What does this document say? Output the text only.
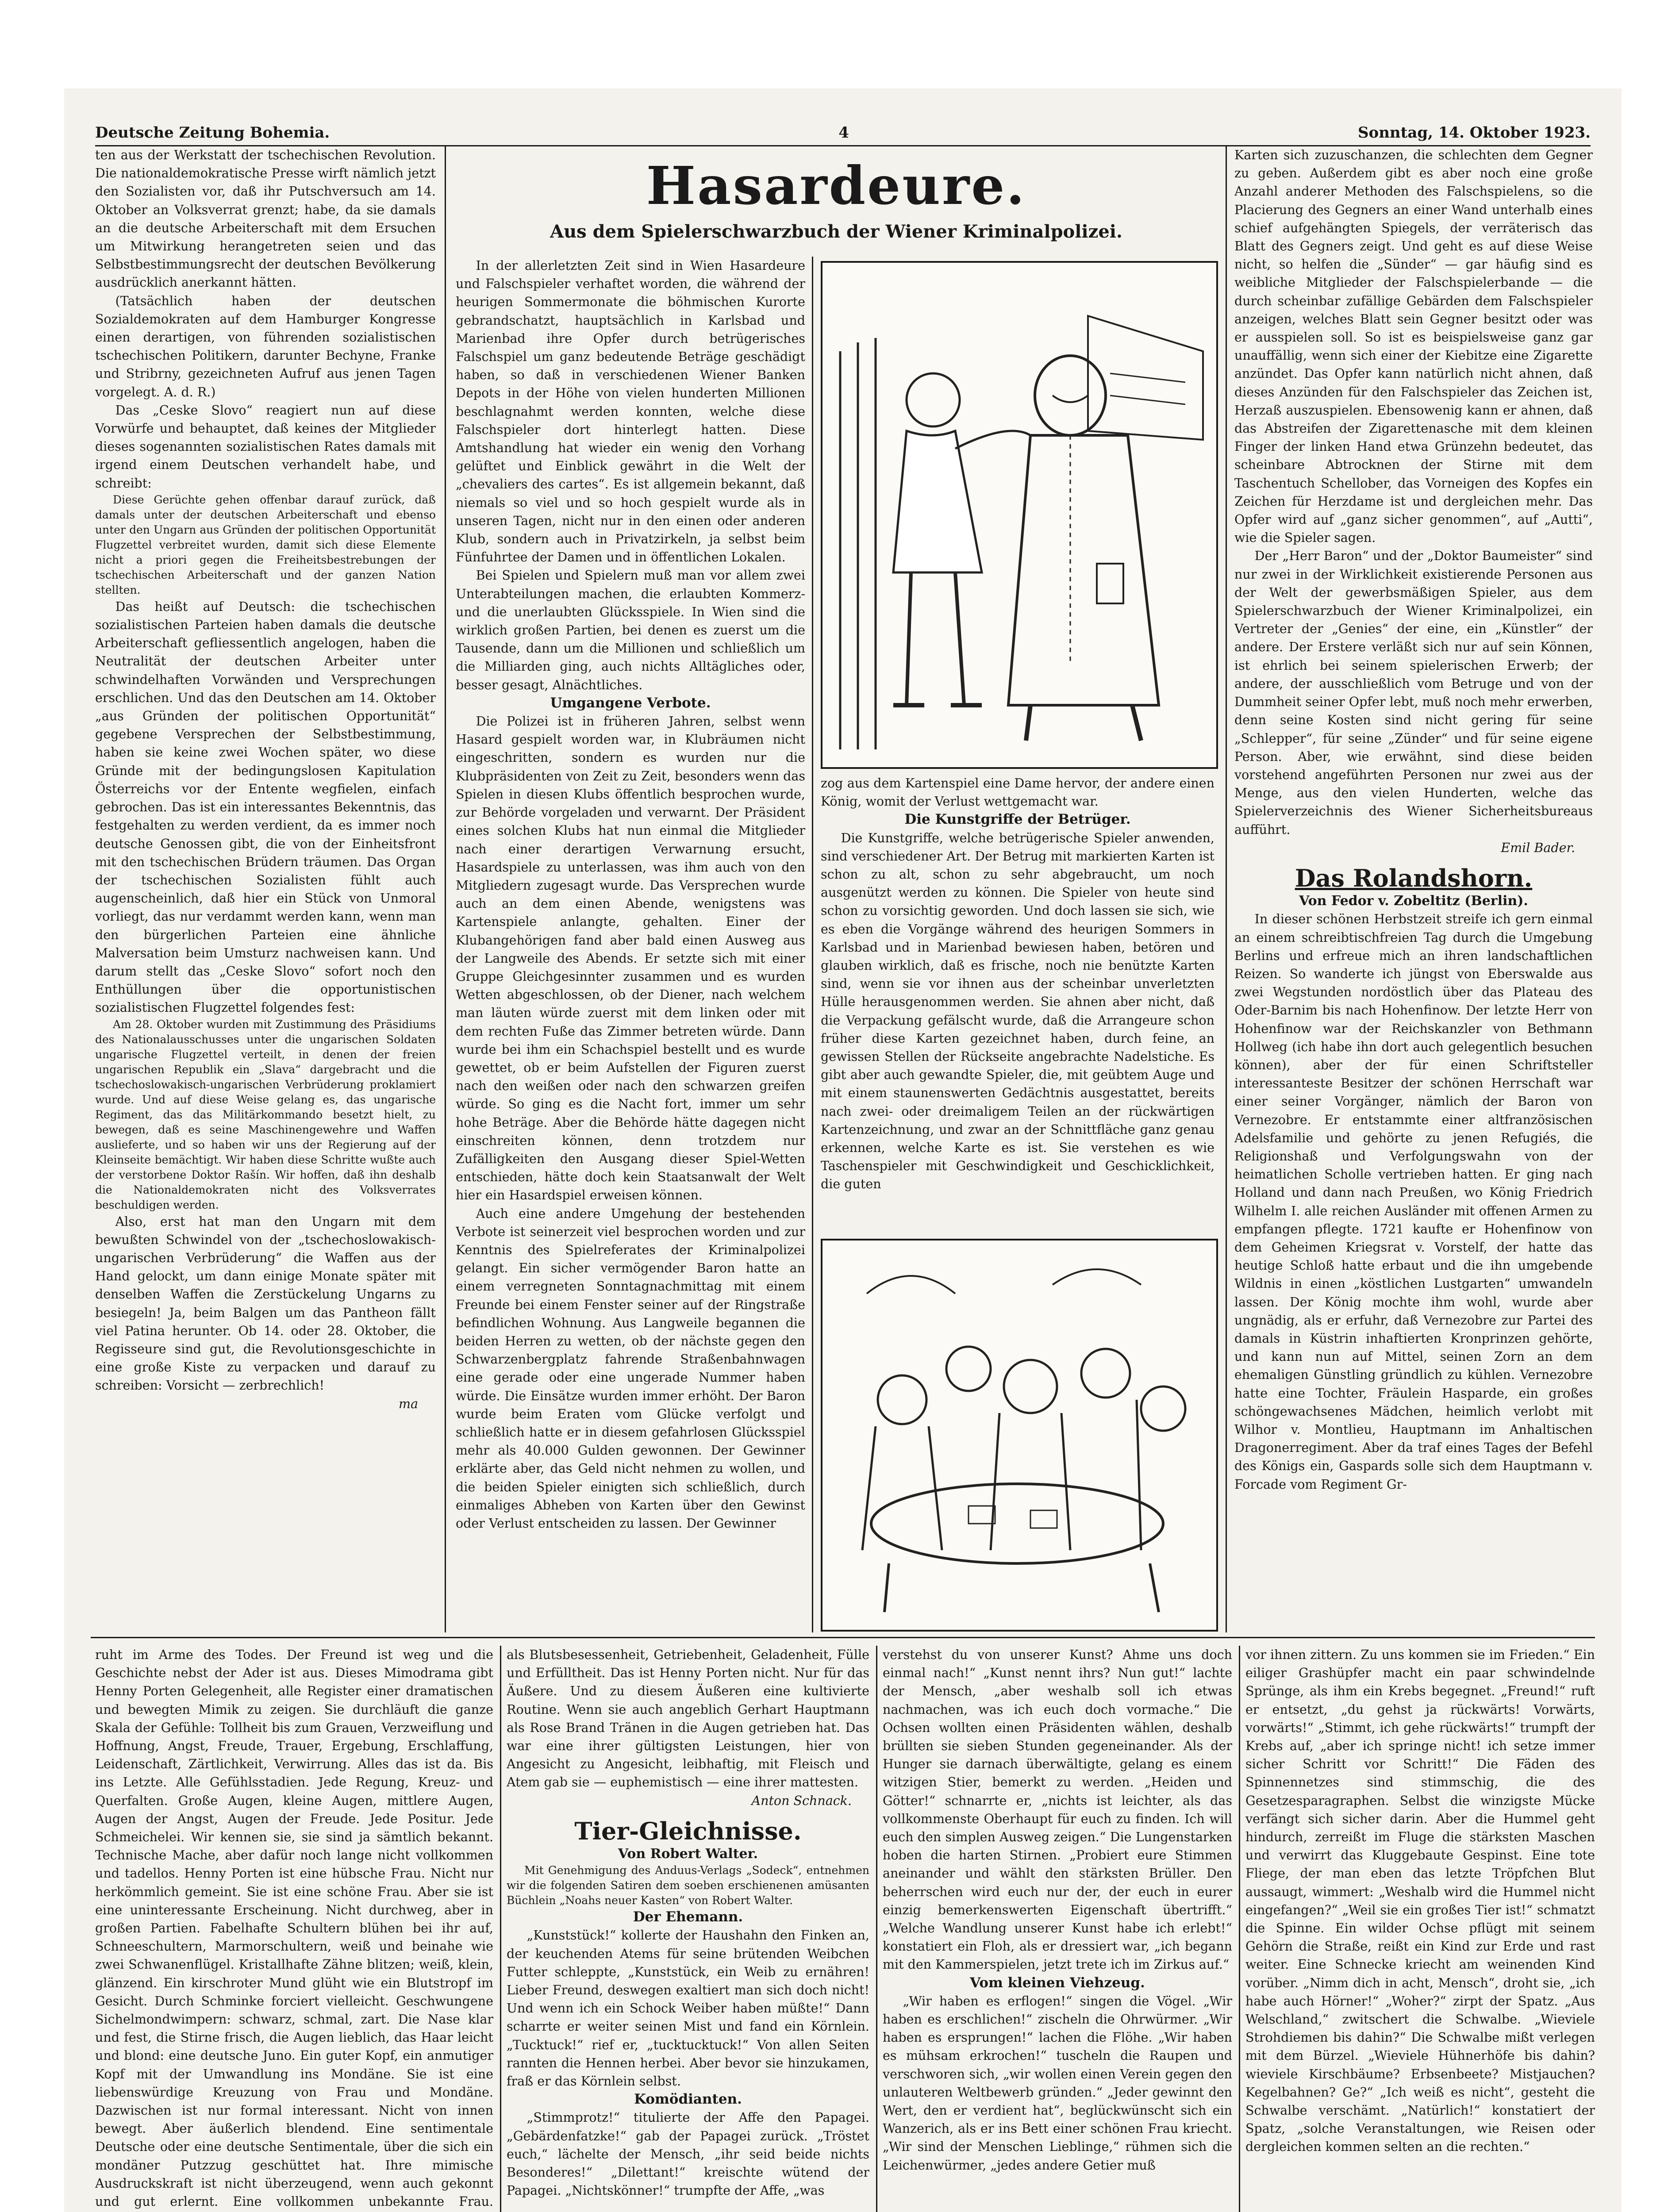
Deutsche Zeitung Bohemia.	4	Sonntag, 14. Oktober 1923.

ten aus der Werkstatt der tschechischen Revolution. Die nationaldemokratische Presse wirft nämlich jetzt den Sozialisten vor, daß ihr Putschversuch am 14. Oktober an Volksverrat grenzt; habe, da sie damals an die deutsche Arbeiterschaft mit dem Ersuchen um Mitwirkung herangetreten seien und das Selbstbestimmungsrecht der deutschen Bevölkerung ausdrücklich anerkannt hätten.

(Tatsächlich haben der deutschen Sozialdemokraten auf dem Hamburger Kongresse einen derartigen, von führenden sozialistischen tschechischen Politikern, darunter Bechyne, Franke und Stribrny, gezeichneten Aufruf aus jenen Tagen vorgelegt. A. d. R.)

Das „Ceske Slovo“ reagiert nun auf diese Vorwürfe und behauptet, daß keines der Mitglieder dieses sogenannten sozialistischen Rates damals mit irgend einem Deutschen verhandelt habe, und schreibt:

Diese Gerüchte gehen offenbar darauf zurück, daß damals unter der deutschen Arbeiterschaft und ebenso unter den Ungarn aus Gründen der politischen Opportunität Flugzettel verbreitet wurden, damit sich diese Elemente nicht a priori gegen die Freiheitsbestrebungen der tschechischen Arbeiterschaft und der ganzen Nation stellten.

Das heißt auf Deutsch: die tschechischen sozialistischen Parteien haben damals die deutsche Arbeiterschaft gefliessentlich angelogen, haben die Neutralität der deutschen Arbeiter unter schwindelhaften Vorwänden und Versprechungen erschlichen. Und das den Deutschen am 14. Oktober „aus Gründen der politischen Opportunität“ gegebene Versprechen der Selbstbestimmung, haben sie keine zwei Wochen später, wo diese Gründe mit der bedingungslosen Kapitulation Österreichs vor der Entente wegfielen, einfach gebrochen. Das ist ein interessantes Bekenntnis, das festgehalten zu werden verdient, da es immer noch deutsche Genossen gibt, die von der Einheitsfront mit den tschechischen Brüdern träumen. Das Organ der tschechischen Sozialisten fühlt auch augenscheinlich, daß hier ein Stück von Unmoral vorliegt, das nur verdammt werden kann, wenn man den bürgerlichen Parteien eine ähnliche Malversation beim Umsturz nachweisen kann. Und darum stellt das „Ceske Slovo“ sofort noch den Enthüllungen über die opportunistischen sozialistischen Flugzettel folgendes fest:

Am 28. Oktober wurden mit Zustimmung des Präsidiums des Nationalausschusses unter die ungarischen Soldaten ungarische Flugzettel verteilt, in denen der freien ungarischen Republik ein „Slava“ dargebracht und die tschechoslowakisch-ungarischen Verbrüderung proklamiert wurde. Und auf diese Weise gelang es, das ungarische Regiment, das das Militärkommando besetzt hielt, zu bewegen, daß es seine Maschinengewehre und Waffen auslieferte, und so haben wir uns der Regierung auf der Kleinseite bemächtigt. Wir haben diese Schritte wußte auch der verstorbene Doktor Rašín. Wir hoffen, daß ihn deshalb die Nationaldemokraten nicht des Volksverrates beschuldigen werden.

Also, erst hat man den Ungarn mit dem bewußten Schwindel von der „tschechoslowakisch-ungarischen Verbrüderung“ die Waffen aus der Hand gelockt, um dann einige Monate später mit denselben Waffen die Zerstückelung Ungarns zu besiegeln! Ja, beim Balgen um das Pantheon fällt viel Patina herunter. Ob 14. oder 28. Oktober, die Regisseure sind gut, die Revolutionsgeschichte in eine große Kiste zu verpacken und darauf zu schreiben: Vorsicht — zerbrechlich!

ma

Hasardeure.
Aus dem Spielerschwarzbuch der Wiener Kriminalpolizei.

In der allerletzten Zeit sind in Wien Hasardeure und Falschspieler verhaftet worden, die während der heurigen Sommermonate die böhmischen Kurorte gebrandschatzt, hauptsächlich in Karlsbad und Marienbad ihre Opfer durch betrügerisches Falschspiel um ganz bedeutende Beträge geschädigt haben, so daß in verschiedenen Wiener Banken Depots in der Höhe von vielen hunderten Millionen beschlagnahmt werden konnten, welche diese Falschspieler dort hinterlegt hatten. Diese Amtshandlung hat wieder ein wenig den Vorhang gelüftet und Einblick gewährt in die Welt der „chevaliers des cartes“. Es ist allgemein bekannt, daß niemals so viel und so hoch gespielt wurde als in unseren Tagen, nicht nur in den einen oder anderen Klub, sondern auch in Privatzirkeln, ja selbst beim Fünfuhrtee der Damen und in öffentlichen Lokalen.

Bei Spielen und Spielern muß man vor allem zwei Unterabteilungen machen, die erlaubten Kommerz- und die unerlaubten Glücksspiele. In Wien sind die wirklich großen Partien, bei denen es zuerst um die Tausende, dann um die Millionen und schließlich um die Milliarden ging, auch nichts Alltägliches oder, besser gesagt, Alnächtliches.

Umgangene Verbote.

Die Polizei ist in früheren Jahren, selbst wenn Hasard gespielt worden war, in Klubräumen nicht eingeschritten, sondern es wurden nur die Klubpräsidenten von Zeit zu Zeit, besonders wenn das Spielen in diesen Klubs öffentlich besprochen wurde, zur Behörde vorgeladen und verwarnt. Der Präsident eines solchen Klubs hat nun einmal die Mitglieder nach einer derartigen Verwarnung ersucht, Hasardspiele zu unterlassen, was ihm auch von den Mitgliedern zugesagt wurde. Das Versprechen wurde auch an dem einen Abende, wenigstens was Kartenspiele anlangte, gehalten. Einer der Klubangehörigen fand aber bald einen Ausweg aus der Langweile des Abends. Er setzte sich mit einer Gruppe Gleichgesinnter zusammen und es wurden Wetten abgeschlossen, ob der Diener, nach welchem man läuten würde zuerst mit dem linken oder mit dem rechten Fuße das Zimmer betreten würde. Dann wurde bei ihm ein Schachspiel bestellt und es wurde gewettet, ob er beim Aufstellen der Figuren zuerst nach den weißen oder nach den schwarzen greifen würde. So ging es die Nacht fort, immer um sehr hohe Beträge. Aber die Behörde hätte dagegen nicht einschreiten können, denn trotzdem nur Zufälligkeiten den Ausgang dieser Spiel-Wetten entschieden, hätte doch kein Staatsanwalt der Welt hier ein Hasardspiel erweisen können.

Auch eine andere Umgehung der bestehenden Verbote ist seinerzeit viel besprochen worden und zur Kenntnis des Spielreferates der Kriminalpolizei gelangt. Ein sicher vermögender Baron hatte an einem verregneten Sonntagnachmittag mit einem Freunde bei einem Fenster seiner auf der Ringstraße befindlichen Wohnung. Aus Langweile begannen die beiden Herren zu wetten, ob der nächste gegen den Schwarzenbergplatz fahrende Straßenbahnwagen eine gerade oder eine ungerade Nummer haben würde. Die Einsätze wurden immer erhöht. Der Baron wurde beim Eraten vom Glücke verfolgt und schließlich hatte er in diesem gefahrlosen Glücksspiel mehr als 40.000 Gulden gewonnen. Der Gewinner erklärte aber, das Geld nicht nehmen zu wollen, und die beiden Spieler einigten sich schließlich, durch einmaliges Abheben von Karten über den Gewinst oder Verlust entscheiden zu lassen. Der Gewinner

zog aus dem Kartenspiel eine Dame hervor, der andere einen König, womit der Verlust wettgemacht war.

Die Kunstgriffe der Betrüger.

Die Kunstgriffe, welche betrügerische Spieler anwenden, sind verschiedener Art. Der Betrug mit markierten Karten ist schon zu alt, schon zu sehr abgebraucht, um noch ausgenützt werden zu können. Die Spieler von heute sind schon zu vorsichtig geworden. Und doch lassen sie sich, wie es eben die Vorgänge während des heurigen Sommers in Karlsbad und in Marienbad bewiesen haben, betören und glauben wirklich, daß es frische, noch nie benützte Karten sind, wenn sie vor ihnen aus der scheinbar unverletzten Hülle herausgenommen werden. Sie ahnen aber nicht, daß die Verpackung gefälscht wurde, daß die Arrangeure schon früher diese Karten gezeichnet haben, durch feine, an gewissen Stellen der Rückseite angebrachte Nadelstiche. Es gibt aber auch gewandte Spieler, die, mit geübtem Auge und mit einem staunenswerten Gedächtnis ausgestattet, bereits nach zwei- oder dreimaligem Teilen an der rückwärtigen Kartenzeichnung, und zwar an der Schnittfläche ganz genau erkennen, welche Karte es ist. Sie verstehen es wie Taschenspieler mit Geschwindigkeit und Geschicklichkeit, die guten

Karten sich zuzuschanzen, die schlechten dem Gegner zu geben. Außerdem gibt es aber noch eine große Anzahl anderer Methoden des Falschspielens, so die Placierung des Gegners an einer Wand unterhalb eines schief aufgehängten Spiegels, der verräterisch das Blatt des Gegners zeigt. Und geht es auf diese Weise nicht, so helfen die „Sünder“ — gar häufig sind es weibliche Mitglieder der Falschspielerbande — die durch scheinbar zufällige Gebärden dem Falschspieler anzeigen, welches Blatt sein Gegner besitzt oder was er ausspielen soll. So ist es beispielsweise ganz gar unauffällig, wenn sich einer der Kiebitze eine Zigarette anzündet. Das Opfer kann natürlich nicht ahnen, daß dieses Anzünden für den Falschspieler das Zeichen ist, Herzaß auszuspielen. Ebensowenig kann er ahnen, daß das Abstreifen der Zigarettenasche mit dem kleinen Finger der linken Hand etwa Grünzehn bedeutet, das scheinbare Abtrocknen der Stirne mit dem Taschentuch Schellober, das Vorneigen des Kopfes ein Zeichen für Herzdame ist und dergleichen mehr. Das Opfer wird auf „ganz sicher genommen“, auf „Autti“, wie die Spieler sagen.

Der „Herr Baron“ und der „Doktor Baumeister“ sind nur zwei in der Wirklichkeit existierende Personen aus der Welt der gewerbsmäßigen Spieler, aus dem Spielerschwarzbuch der Wiener Kriminalpolizei, ein Vertreter der „Genies“ der eine, ein „Künstler“ der andere. Der Erstere verläßt sich nur auf sein Können, ist ehrlich bei seinem spielerischen Erwerb; der andere, der ausschließlich vom Betruge und von der Dummheit seiner Opfer lebt, muß noch mehr erwerben, denn seine Kosten sind nicht gering für seine „Schlepper“, für seine „Zünder“ und für seine eigene Person. Aber, wie erwähnt, sind diese beiden vorstehend angeführten Personen nur zwei aus der Menge, aus den vielen Hunderten, welche das Spielerverzeichnis des Wiener Sicherheitsbureaus aufführt.

Emil Bader.

Das Rolandshorn.

Von Fedor v. Zobeltitz (Berlin).

In dieser schönen Herbstzeit streife ich gern einmal an einem schreibtischfreien Tag durch die Umgebung Berlins und erfreue mich an ihren landschaftlichen Reizen. So wanderte ich jüngst von Eberswalde aus zwei Wegstunden nordöstlich über das Plateau des Oder-Barnim bis nach Hohenfinow. Der letzte Herr von Hohenfinow war der Reichskanzler von Bethmann Hollweg (ich habe ihn dort auch gelegentlich besuchen können), aber der für einen Schriftsteller interessanteste Besitzer der schönen Herrschaft war einer seiner Vorgänger, nämlich der Baron von Vernezobre. Er entstammte einer altfranzösischen Adelsfamilie und gehörte zu jenen Refugiés, die Religionshaß und Verfolgungswahn von der heimatlichen Scholle vertrieben hatten. Er ging nach Holland und dann nach Preußen, wo König Friedrich Wilhelm I. alle reichen Ausländer mit offenen Armen zu empfangen pflegte. 1721 kaufte er Hohenfinow von dem Geheimen Kriegsrat v. Vorstelf, der hatte das heutige Schloß hatte erbaut und die ihn umgebende Wildnis in einen „köstlichen Lustgarten“ umwandeln lassen. Der König mochte ihm wohl, wurde aber ungnädig, als er erfuhr, daß Vernezobre zur Partei des damals in Küstrin inhaftierten Kronprinzen gehörte, und kann nun auf Mittel, seinen Zorn an dem ehemaligen Günstling gründlich zu kühlen. Vernezobre hatte eine Tochter, Fräulein Hasparde, ein großes schöngewachsenes Mädchen, heimlich verlobt mit Wilhor v. Montlieu, Hauptmann im Anhaltischen Dragonerregiment. Aber da traf eines Tages der Befehl des Königs ein, Gaspards solle sich dem Hauptmann v. Forcade vom Regiment Gr-

ruht im Arme des Todes. Der Freund ist weg und die Geschichte nebst der Ader ist aus. Dieses Mimodrama gibt Henny Porten Gelegenheit, alle Register einer dramatischen und bewegten Mimik zu zeigen. Sie durchläuft die ganze Skala der Gefühle: Tollheit bis zum Grauen, Verzweiflung und Hoffnung, Angst, Freude, Trauer, Ergebung, Erschlaffung, Leidenschaft, Zärtlichkeit, Verwirrung. Alles das ist da. Bis ins Letzte. Alle Gefühlsstadien. Jede Regung, Kreuz- und Querfalten. Große Augen, kleine Augen, mittlere Augen, Augen der Angst, Augen der Freude. Jede Positur. Jede Schmeichelei. Wir kennen sie, sie sind ja sämtlich bekannt. Technische Mache, aber dafür noch lange nicht vollkommen und tadellos. Henny Porten ist eine hübsche Frau. Nicht nur herkömmlich gemeint. Sie ist eine schöne Frau. Aber sie ist eine uninteressante Erscheinung. Nicht durchweg, aber in großen Partien. Fabelhafte Schultern blühen bei ihr auf, Schneeschultern, Marmorschultern, weiß und beinahe wie zwei Schwanenflügel. Kristallhafte Zähne blitzen; weiß, klein, glänzend. Ein kirschroter Mund glüht wie ein Blutstropf im Gesicht. Durch Schminke forciert vielleicht. Geschwungene Sichelmondwimpern: schwarz, schmal, zart. Die Nase klar und fest, die Stirne frisch, die Augen lieblich, das Haar leicht und blond: eine deutsche Juno. Ein guter Kopf, ein anmutiger Kopf mit der Umwandlung ins Mondäne. Sie ist eine liebenswürdige Kreuzung von Frau und Mondäne. Dazwischen ist nur formal interessant. Nicht von innen bewegt. Aber äußerlich blendend. Eine sentimentale Deutsche oder eine deutsche Sentimentale, über die sich ein mondäner Putzzug geschüttet hat. Ihre mimische Ausdruckskraft ist nicht überzeugend, wenn auch gekonnt und gut erlernt. Eine vollkommen unbekannte Frau.

als Blutsbesessenheit, Getriebenheit, Geladenheit, Fülle und Erfülltheit. Das ist Henny Porten nicht. Nur für das Äußere. Und zu diesem Äußeren eine kultivierte Routine. Wenn sie auch angeblich Gerhart Hauptmann als Rose Brand Tränen in die Augen getrieben hat. Das war eine ihrer gültigsten Leistungen, hier von Angesicht zu Angesicht, leibhaftig, mit Fleisch und Atem gab sie — euphemistisch — eine ihrer mattesten.

Anton Schnack.

Tier-Gleichnisse.

Von Robert Walter.

Mit Genehmigung des Anduus-Verlags „Sodeck“, entnehmen wir die folgenden Satiren dem soeben erschienenen amüsanten Büchlein „Noahs neuer Kasten“ von Robert Walter.

Der Ehemann.

„Kunststück!“ kollerte der Haushahn den Finken an, der keuchenden Atems für seine brütenden Weibchen Futter schleppte, „Kunststück, ein Weib zu ernähren! Lieber Freund, deswegen exaltiert man sich doch nicht! Und wenn ich ein Schock Weiber haben müßte!“ Dann scharrte er weiter seinen Mist und fand ein Körnlein. „Tucktuck!“ rief er, „tucktucktuck!“ Von allen Seiten rannten die Hennen herbei. Aber bevor sie hinzukamen, fraß er das Körnlein selbst.

Komödianten.

„Stimmprotz!“ titulierte der Affe den Papagei. „Gebärdenfatzke!“ gab der Papagei zurück. „Tröstet euch,“ lächelte der Mensch, „ihr seid beide nichts Besonderes!“ „Dilettant!“ kreischte wütend der Papagei. „Nichtskönner!“ trumpfte der Affe, „was

verstehst du von unserer Kunst? Ahme uns doch einmal nach!“ „Kunst nennt ihrs? Nun gut!“ lachte der Mensch, „aber weshalb soll ich etwas nachmachen, was ich euch doch vormache.“ Die Ochsen wollten einen Präsidenten wählen, deshalb brüllten sie sieben Stunden gegeneinander. Als der Hunger sie darnach überwältigte, gelang es einem witzigen Stier, bemerkt zu werden. „Heiden und Götter!“ schnarrte er, „nichts ist leichter, als das vollkommenste Oberhaupt für euch zu finden. Ich will euch den simplen Ausweg zeigen.“ Die Lungenstarken hoben die harten Stirnen. „Probiert eure Stimmen aneinander und wählt den stärksten Brüller. Den beherrschen wird euch nur der, der euch in eurer einzig bemerkenswerten Eigenschaft übertrifft.“ „Welche Wandlung unserer Kunst habe ich erlebt!“ konstatiert ein Floh, als er dressiert war, „ich begann mit den Kammerspielen, jetzt trete ich im Zirkus auf.“

Vom kleinen Viehzeug.

„Wir haben es erflogen!“ singen die Vögel. „Wir haben es erschlichen!“ zischeln die Ohrwürmer. „Wir haben es ersprungen!“ lachen die Flöhe. „Wir haben es mühsam erkrochen!“ tuscheln die Raupen und verschworen sich, „wir wollen einen Verein gegen den unlauteren Weltbewerb gründen.“ „Jeder gewinnt den Wert, den er verdient hat“, beglückwünscht sich ein Wanzerich, als er ins Bett einer schönen Frau kriecht. „Wir sind der Menschen Lieblinge,“ rühmen sich die Leichenwürmer, „jedes andere Getier muß

vor ihnen zittern. Zu uns kommen sie im Frieden.“ Ein eiliger Grashüpfer macht ein paar schwindelnde Sprünge, als ihm ein Krebs begegnet. „Freund!“ ruft er entsetzt, „du gehst ja rückwärts! Vorwärts, vorwärts!“ „Stimmt, ich gehe rückwärts!“ trumpft der Krebs auf, „aber ich springe nicht! ich setze immer sicher Schritt vor Schritt!“ Die Fäden des Spinnennetzes sind stimmschig, die des Gesetzesparagraphen. Selbst die winzigste Mücke verfängt sich sicher darin. Aber die Hummel geht hindurch, zerreißt im Fluge die stärksten Maschen und verwirrt das Kluggebaute Gespinst. Eine tote Fliege, der man eben das letzte Tröpfchen Blut aussaugt, wimmert: „Weshalb wird die Hummel nicht eingefangen?“ „Weil sie ein großes Tier ist!“ schmatzt die Spinne. Ein wilder Ochse pflügt mit seinem Gehörn die Straße, reißt ein Kind zur Erde und rast weiter. Eine Schnecke kriecht am weinenden Kind vorüber. „Nimm dich in acht, Mensch“, droht sie, „ich habe auch Hörner!“ „Woher?“ zirpt der Spatz. „Aus Welschland,“ zwitschert die Schwalbe. „Wieviele Strohdiemen bis dahin?“ Die Schwalbe mißt verlegen mit dem Bürzel. „Wieviele Hühnerhöfe bis dahin? wieviele Kirschbäume? Erbsenbeete? Mistjauchen? Kegelbahnen? Ge?“ „Ich weiß es nicht“, gesteht die Schwalbe verschämt. „Natürlich!“ konstatiert der Spatz, „solche Veranstaltungen, wie Reisen oder dergleichen kommen selten an die rechten.“
